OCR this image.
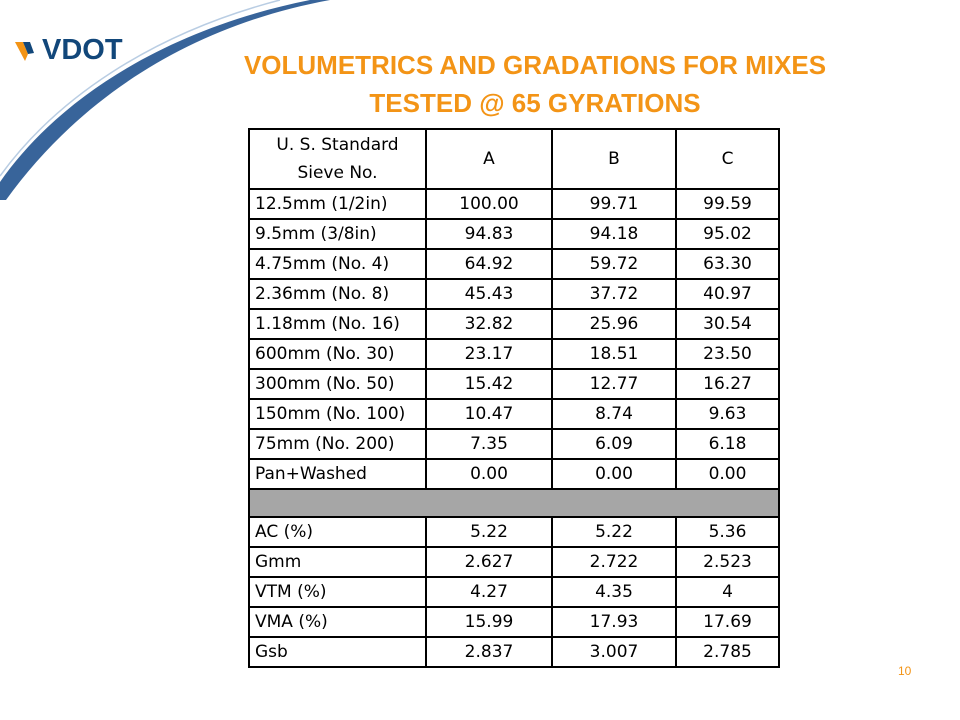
VDOT	VOLUMETRICS AND GRADATIONS FOR MIXES
TESTED @ 65 GYRATIONS
U. S. Standard
Sieve No.	A	B	C
12.5mm (1/2in)	100.00	99.71	99.59
9.5mm (3/8in)	94.83	94.18	95.02
4.75mm (No. 4)	64.92	59.72	63.30
2.36mm (No. 8)	45.43	37.72	40.97
1.18mm (No. 16)	32.82	25.96	30.54
600mm (No. 30)	23.17	18.51	23.50
300mm (No. 50)	15.42	12.77	16.27
150mm (No. 100)	10.47	8.74	9.63
75mm (No. 200)	7.35	6.09	6.18
Pan+Washed	0.00	0.00	0.00

AC (%)	5.22	5.22	5.36
Gmm	2.627	2.722	2.523
VTM (%)	4.27	4.35	4
VMA (%)	15.99	17.93	17.69
Gsb	2.837	3.007	2.785
10
